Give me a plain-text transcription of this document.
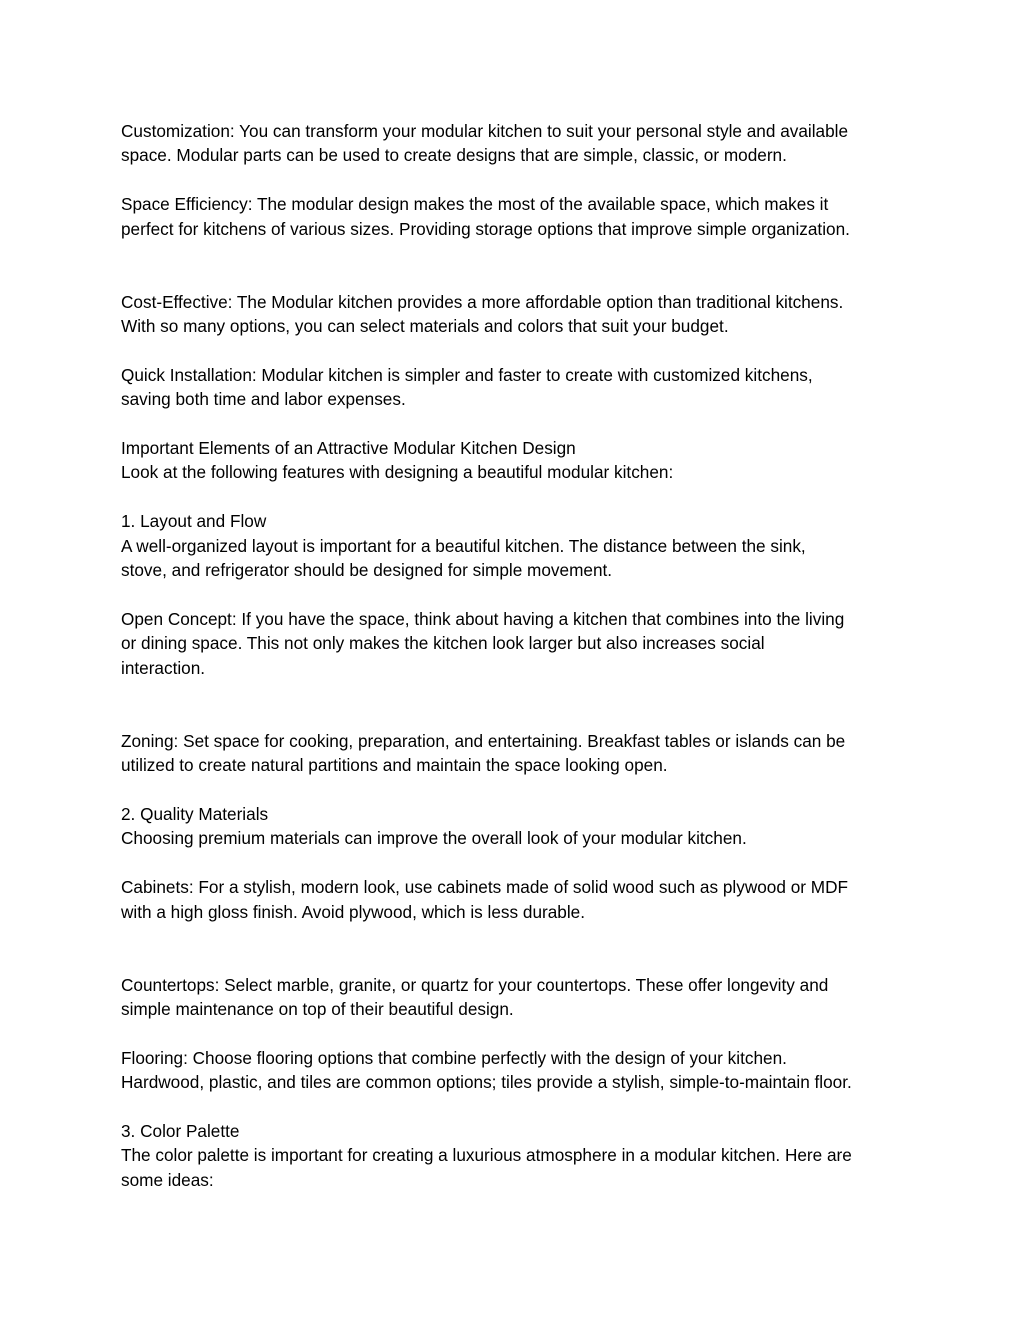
Customization: You can transform your modular kitchen to suit your personal style and available
space. Modular parts can be used to create designs that are simple, classic, or modern.

Space Efficiency: The modular design makes the most of the available space, which makes it
perfect for kitchens of various sizes. Providing storage options that improve simple organization.

Cost-Effective: The Modular kitchen provides a more affordable option than traditional kitchens.
With so many options, you can select materials and colors that suit your budget.

Quick Installation: Modular kitchen is simpler and faster to create with customized kitchens,
saving both time and labor expenses.

Important Elements of an Attractive Modular Kitchen Design
Look at the following features with designing a beautiful modular kitchen:

1. Layout and Flow
A well-organized layout is important for a beautiful kitchen. The distance between the sink,
stove, and refrigerator should be designed for simple movement.

Open Concept: If you have the space, think about having a kitchen that combines into the living
or dining space. This not only makes the kitchen look larger but also increases social
interaction.

Zoning: Set space for cooking, preparation, and entertaining. Breakfast tables or islands can be
utilized to create natural partitions and maintain the space looking open.

2. Quality Materials
Choosing premium materials can improve the overall look of your modular kitchen.

Cabinets: For a stylish, modern look, use cabinets made of solid wood such as plywood or MDF
with a high gloss finish. Avoid plywood, which is less durable.

Countertops: Select marble, granite, or quartz for your countertops. These offer longevity and
simple maintenance on top of their beautiful design.

Flooring: Choose flooring options that combine perfectly with the design of your kitchen.
Hardwood, plastic, and tiles are common options; tiles provide a stylish, simple-to-maintain floor.

3. Color Palette
The color palette is important for creating a luxurious atmosphere in a modular kitchen. Here are
some ideas:
